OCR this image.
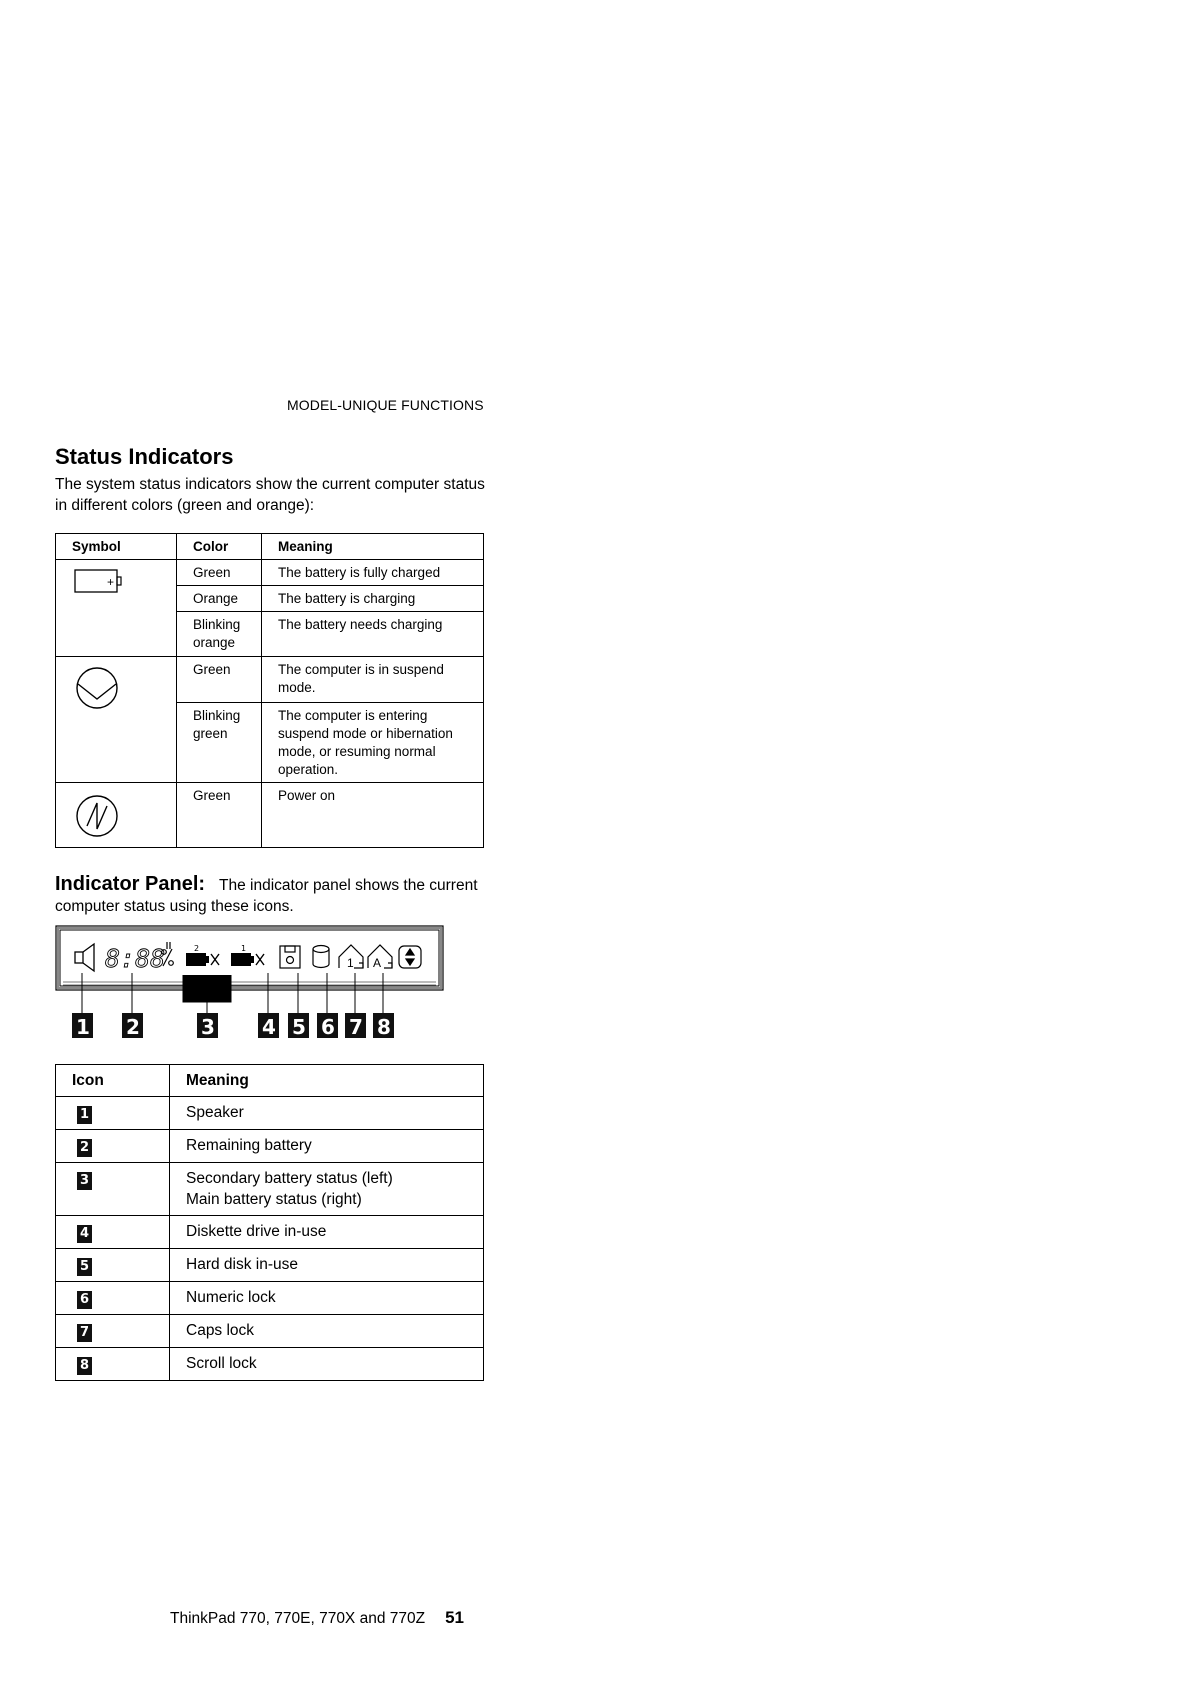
MODEL-UNIQUE FUNCTIONS
Status Indicators

The system status indicators show the current computer status in different colors (green and orange):

Symbol	Color	Meaning

+	Green	The battery is fully charged
	Orange	The battery is charging
	Blinking orange	The battery needs charging

	Green	The computer is in suspend mode.
	Blinking green	The computer is entering suspend mode or hibernation mode, or resuming normal operation.

	Green	Power on

Indicator Panel: The indicator panel shows the current computer status using these icons.

8:88	2	1
1 A
1 2	3 4 5 6 7 8
Icon	Meaning
1	Speaker
2	Remaining battery
3	Secondary battery status (left)
Main battery status (right)

4	Diskette drive in-use
5	Hard disk in-use
6	Numeric lock
7	Caps lock
8	Scroll lock
ThinkPad 770, 770E, 770X and 770Z 51
